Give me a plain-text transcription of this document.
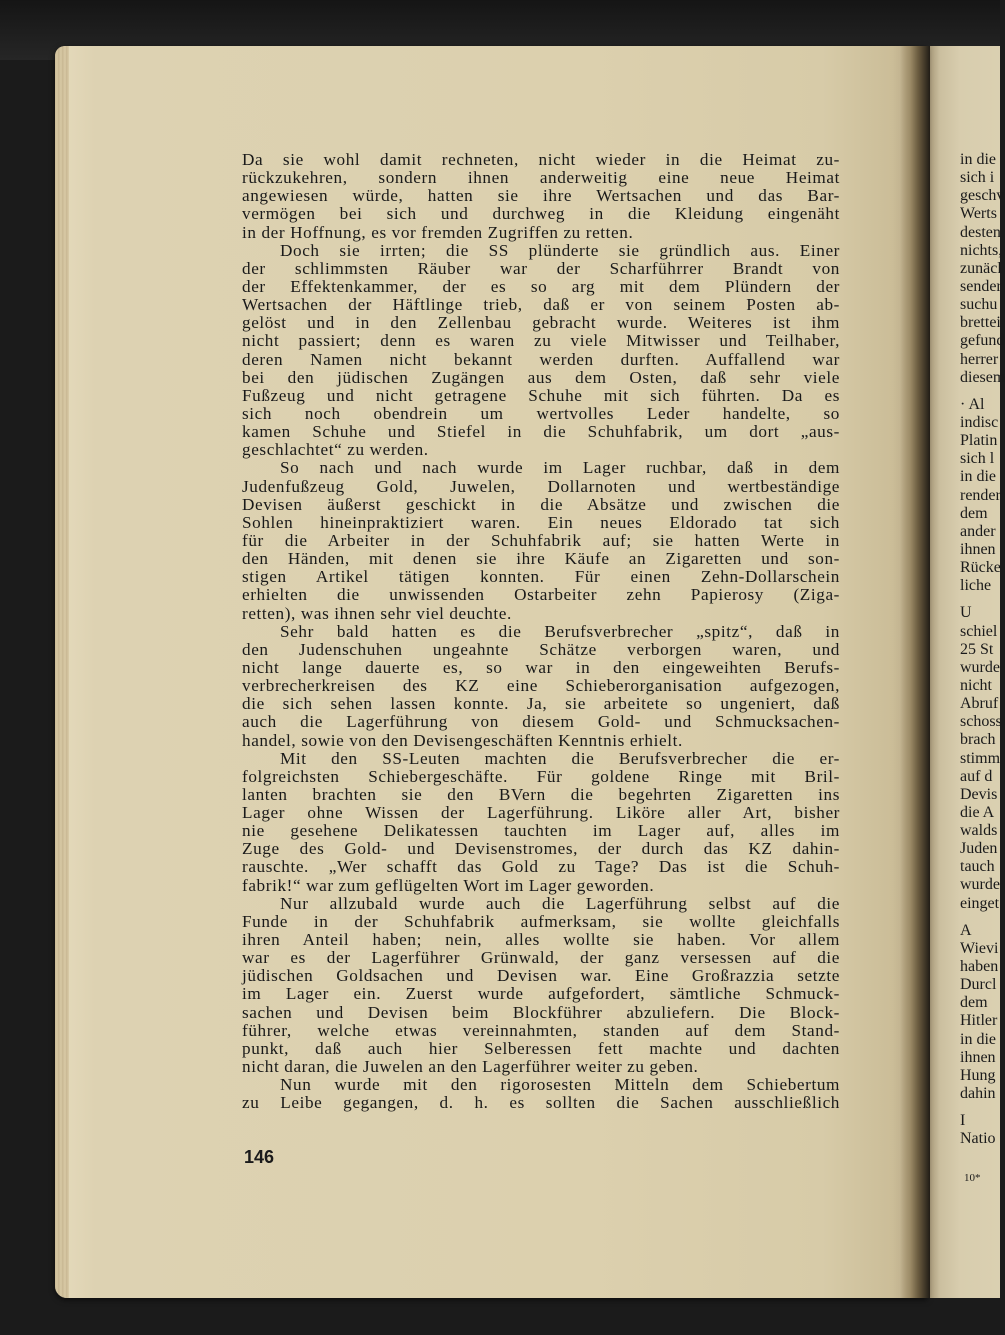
Da sie wohl damit rechneten, nicht wieder in die Heimat zu-
rückzukehren, sondern ihnen anderweitig eine neue Heimat
angewiesen würde, hatten sie ihre Wertsachen und das Bar-
vermögen bei sich und durchweg in die Kleidung eingenäht
in der Hoffnung, es vor fremden Zugriffen zu retten.
Doch sie irrten; die SS plünderte sie gründlich aus. Einer
der schlimmsten Räuber war der Scharführrer Brandt von
der Effektenkammer, der es so arg mit dem Plündern der
Wertsachen der Häftlinge trieb, daß er von seinem Posten ab-
gelöst und in den Zellenbau gebracht wurde. Weiteres ist ihm
nicht passiert; denn es waren zu viele Mitwisser und Teilhaber,
deren Namen nicht bekannt werden durften. Auffallend war
bei den jüdischen Zugängen aus dem Osten, daß sehr viele
Fußzeug und nicht getragene Schuhe mit sich führten. Da es
sich noch obendrein um wertvolles Leder handelte, so
kamen Schuhe und Stiefel in die Schuhfabrik, um dort „aus-
geschlachtet“ zu werden.
So nach und nach wurde im Lager ruchbar, daß in dem
Judenfußzeug Gold, Juwelen, Dollarnoten und wertbeständige
Devisen äußerst geschickt in die Absätze und zwischen die
Sohlen hineinpraktiziert waren. Ein neues Eldorado tat sich
für die Arbeiter in der Schuhfabrik auf; sie hatten Werte in
den Händen, mit denen sie ihre Käufe an Zigaretten und son-
stigen Artikel tätigen konnten. Für einen Zehn-Dollarschein
erhielten die unwissenden Ostarbeiter zehn Papierosy (Ziga-
retten), was ihnen sehr viel deuchte.
Sehr bald hatten es die Berufsverbrecher „spitz“, daß in
den Judenschuhen ungeahnte Schätze verborgen waren, und
nicht lange dauerte es, so war in den eingeweihten Berufs-
verbrecherkreisen des KZ eine Schieberorganisation aufgezogen,
die sich sehen lassen konnte. Ja, sie arbeitete so ungeniert, daß
auch die Lagerführung von diesem Gold- und Schmucksachen-
handel, sowie von den Devisengeschäften Kenntnis erhielt.
Mit den SS-Leuten machten die Berufsverbrecher die er-
folgreichsten Schiebergeschäfte. Für goldene Ringe mit Bril-
lanten brachten sie den BVern die begehrten Zigaretten ins
Lager ohne Wissen der Lagerführung. Liköre aller Art, bisher
nie gesehene Delikatessen tauchten im Lager auf, alles im
Zuge des Gold- und Devisenstromes, der durch das KZ dahin-
rauschte. „Wer schafft das Gold zu Tage? Das ist die Schuh-
fabrik!“ war zum geflügelten Wort im Lager geworden.
Nur allzubald wurde auch die Lagerführung selbst auf die
Funde in der Schuhfabrik aufmerksam, sie wollte gleichfalls
ihren Anteil haben; nein, alles wollte sie haben. Vor allem
war es der Lagerführer Grünwald, der ganz versessen auf die
jüdischen Goldsachen und Devisen war. Eine Großrazzia setzte
im Lager ein. Zuerst wurde aufgefordert, sämtliche Schmuck-
sachen und Devisen beim Blockführer abzuliefern. Die Block-
führer, welche etwas vereinnahmten, standen auf dem Stand-
punkt, daß auch hier Selberessen fett machte und dachten
nicht daran, die Juwelen an den Lagerführer weiter zu geben.
Nun wurde mit den rigorosesten Mitteln dem Schiebertum
zu Leibe gegangen, d. h. es sollten die Sachen ausschließlich
146
in die
sich i
geschv
Werts
desten
nichts,
zunäcl
sender
suchu
brettei
gefund
herrer
diesem
· Al
indisc
Platin
sich l
in die
render
dem
ander
ihnen
Rücke
liche
U
schiel
25 St
wurde
nicht
Abruf
schoss
brach
stimm
auf d
Devis
die A
walds
Juden
tauch
wurde
einget
A
Wievi
haben
Durcl
dem
Hitler
in die
ihnen
Hung
dahin
I
Natio
10*
